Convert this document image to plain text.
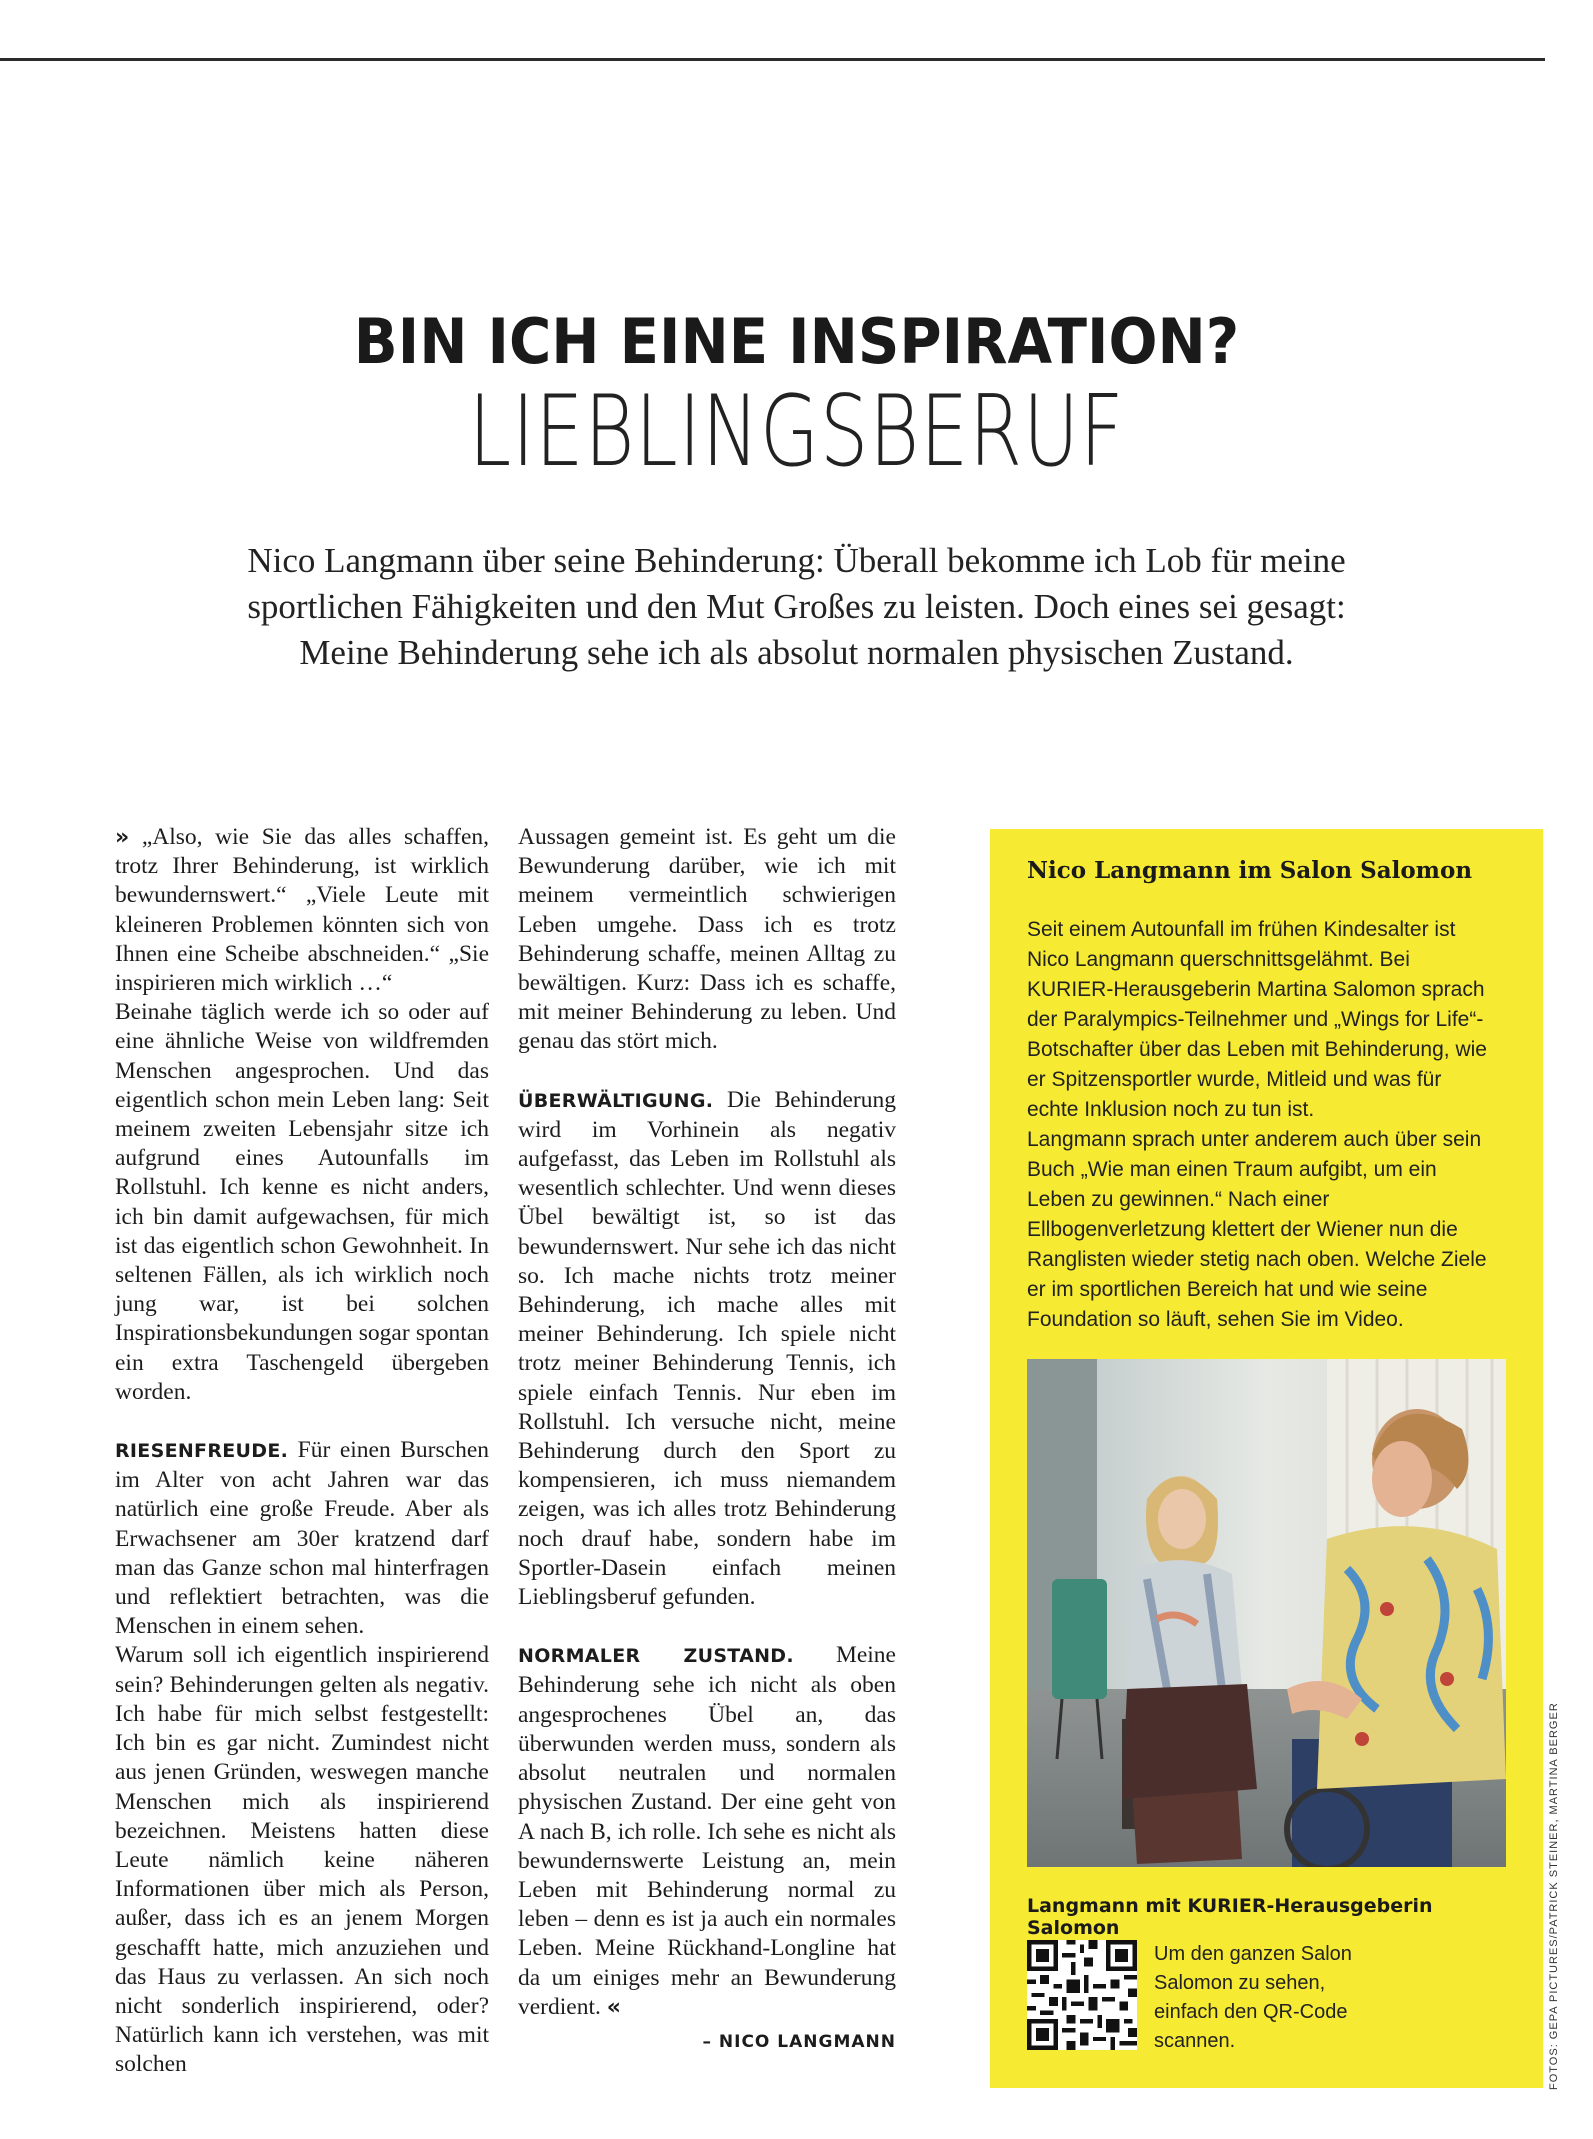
BIN ICH EINE INSPIRATION?
LIEBLINGSBERUF
Nico Langmann über seine Behinderung: Überall bekomme ich Lob für meine sportlichen Fähigkeiten und den Mut Großes zu leisten. Doch eines sei gesagt: Meine Behinderung sehe ich als absolut normalen physischen Zustand.

» „Also, wie Sie das alles schaffen, trotz Ihrer Behinderung, ist wirklich bewundernswert.“ „Viele Leute mit kleineren Problemen könnten sich von Ihnen eine Scheibe abschneiden.“ „Sie inspirieren mich wirklich …“

Beinahe täglich werde ich so oder auf eine ähnliche Weise von wildfremden Menschen angesprochen. Und das eigentlich schon mein Leben lang: Seit meinem zweiten Lebensjahr sitze ich aufgrund eines Autounfalls im Rollstuhl. Ich kenne es nicht anders, ich bin damit aufgewachsen, für mich ist das eigentlich schon Gewohnheit. In seltenen Fällen, als ich wirklich noch jung war, ist bei solchen Inspirationsbekundungen sogar spontan ein extra Taschengeld übergeben worden.

RIESENFREUDE. Für einen Burschen im Alter von acht Jahren war das natürlich eine große Freude. Aber als Erwachsener am 30er kratzend darf man das Ganze schon mal hinterfragen und reflektiert betrachten, was die Menschen in einem sehen.

Warum soll ich eigentlich inspirierend sein? Behinderungen gelten als negativ. Ich habe für mich selbst festgestellt: Ich bin es gar nicht. Zumindest nicht aus jenen Gründen, weswegen manche Menschen mich als inspirierend bezeichnen. Meistens hatten diese Leute nämlich keine näheren Informationen über mich als Person, außer, dass ich es an jenem Morgen geschafft hatte, mich anzuziehen und das Haus zu verlassen. An sich noch nicht sonderlich inspirierend, oder? Natürlich kann ich verstehen, was mit solchen

Aussagen gemeint ist. Es geht um die Bewunderung darüber, wie ich mit meinem vermeintlich schwierigen Leben umgehe. Dass ich es trotz Behinderung schaffe, meinen Alltag zu bewältigen. Kurz: Dass ich es schaffe, mit meiner Behinderung zu leben. Und genau das stört mich.

ÜBERWÄLTIGUNG. Die Behinderung wird im Vorhinein als negativ aufgefasst, das Leben im Rollstuhl als wesentlich schlechter. Und wenn dieses Übel bewältigt ist, so ist das bewundernswert. Nur sehe ich das nicht so. Ich mache nichts trotz meiner Behinderung, ich mache alles mit meiner Behinderung. Ich spiele nicht trotz meiner Behinderung Tennis, ich spiele einfach Tennis. Nur eben im Rollstuhl. Ich versuche nicht, meine Behinderung durch den Sport zu kompensieren, ich muss niemandem zeigen, was ich alles trotz Behinderung noch drauf habe, sondern habe im Sportler-Dasein einfach meinen Lieblingsberuf gefunden.

NORMALER ZUSTAND. Meine Behinderung sehe ich nicht als oben angesprochenes Übel an, das überwunden werden muss, sondern als absolut neutralen und normalen physischen Zustand. Der eine geht von A nach B, ich rolle. Ich sehe es nicht als bewundernswerte Leistung an, mein Leben mit Behinderung normal zu leben – denn es ist ja auch ein normales Leben. Meine Rückhand-Longline hat da um einiges mehr an Bewunderung verdient. «

– NICO LANGMANN
Nico Langmann im Salon Salomon

Seit einem Autounfall im frühen Kindesalter ist Nico Langmann querschnittsgelähmt. Bei KURIER-Herausgeberin Martina Salomon sprach der Paralympics-Teilnehmer und „Wings for Life“-Botschafter über das Leben mit Behinderung, wie er Spitzensportler wurde, Mitleid und was für echte Inklusion noch zu tun ist.

Langmann sprach unter anderem auch über sein Buch „Wie man einen Traum aufgibt, um ein Leben zu gewinnen.“ Nach einer Ellbogenverletzung klettert der Wiener nun die Ranglisten wieder stetig nach oben. Welche Ziele er im sportlichen Bereich hat und wie seine Foundation so läuft, sehen Sie im Video.

Langmann mit KURIER-Herausgeberin Salomon
Um den ganzen Salon Salomon zu sehen, einfach den QR-Code scannen.	FOTOS: GEPA PICTURES/PATRICK STEINER, MARTINA BERGER
